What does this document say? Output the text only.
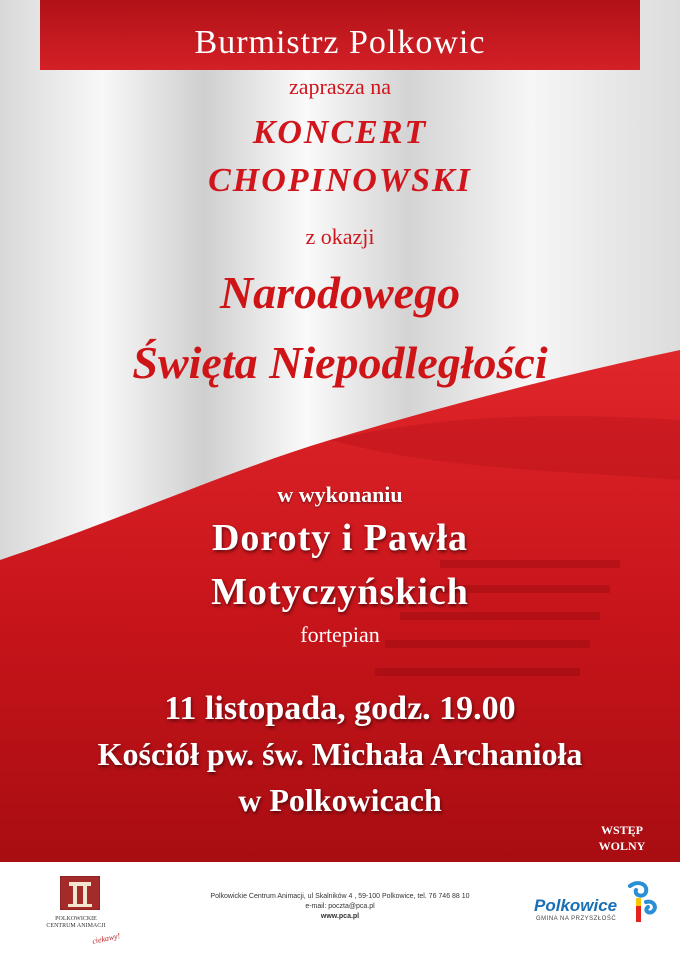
Burmistrz Polkowic
zaprasza na
KONCERT
CHOPINOWSKI
z okazji
Narodowego
Święta Niepodległości
w wykonaniu
Doroty i Pawła
Motyczyńskich
fortepian
11 listopada, godz. 19.00
Kościół pw. św. Michała Archanioła
w Polkowicach
WSTĘP
WOLNY
POLKOWICKIE
CENTRUM ANIMACJI
ciekawy!
Polkowickie Centrum Animacji, ul Skalników 4 , 59-100 Polkowice, tel. 76 746 88 10
e-mail: poczta@pca.pl
www.pca.pl
Polkowice
GMINA NA PRZYSZŁOŚĆ
